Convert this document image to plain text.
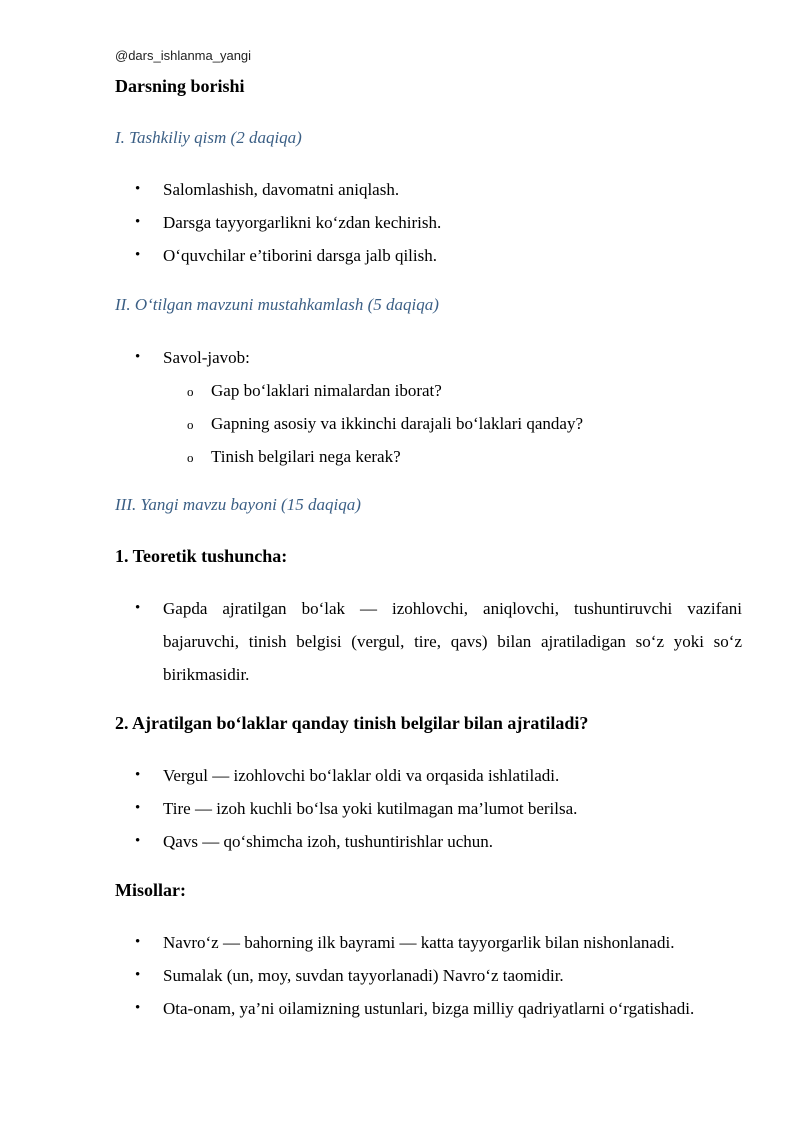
@dars_ishlanma_yangi
Darsning borishi
I. Tashkiliy qism (2 daqiqa)
• Salomlashish, davomatni aniqlash.
• Darsga tayyorgarlikni ko‘zdan kechirish.
• O‘quvchilar e’tiborini darsga jalb qilish.
II. O‘tilgan mavzuni mustahkamlash (5 daqiqa)
• Savol-javob:
o Gap bo‘laklari nimalardan iborat?
o Gapning asosiy va ikkinchi darajali bo‘laklari qanday?
o Tinish belgilari nega kerak?
III. Yangi mavzu bayoni (15 daqiqa)
1. Teoretik tushuncha:
• Gapda ajratilgan bo‘lak — izohlovchi, aniqlovchi, tushuntiruvchi vazifani bajaruvchi, tinish belgisi (vergul, tire, qavs) bilan ajratiladigan so‘z yoki so‘z birikmasidir.
2. Ajratilgan bo‘laklar qanday tinish belgilar bilan ajratiladi?
• Vergul — izohlovchi bo‘laklar oldi va orqasida ishlatiladi.
• Tire — izoh kuchli bo‘lsa yoki kutilmagan ma’lumot berilsa.
• Qavs — qo‘shimcha izoh, tushuntirishlar uchun.
Misollar:
• Navro‘z — bahorning ilk bayrami — katta tayyorgarlik bilan nishonlanadi.
• Sumalak (un, moy, suvdan tayyorlanadi) Navro‘z taomidir.
• Ota-onam, ya’ni oilamizning ustunlari, bizga milliy qadriyatlarni o‘rgatishadi.
